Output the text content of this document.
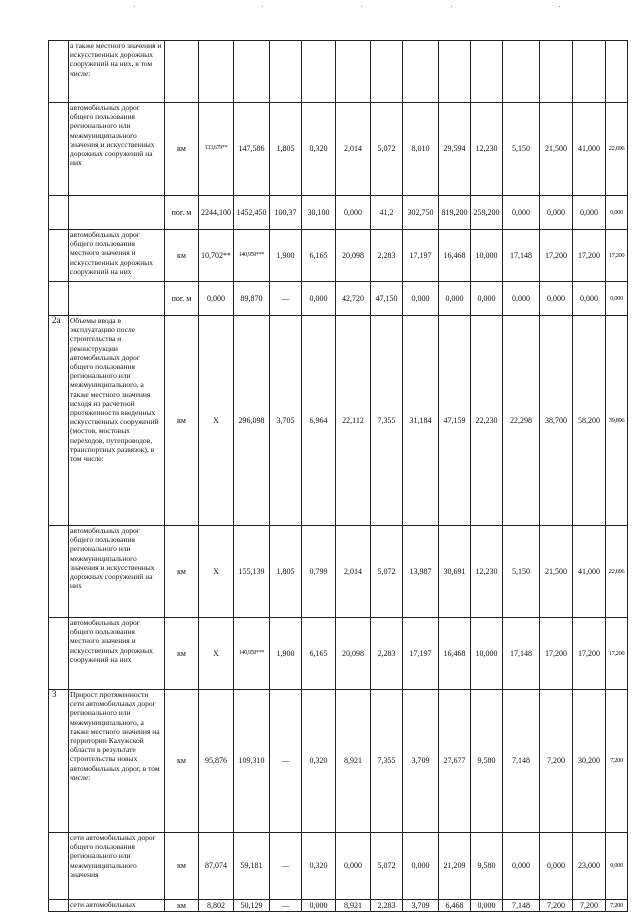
	а также местного значения и искусственных дорожных сооружений на них, в том числе:														
	автомобильных дорог общего пользования регионального или межмуниципального значения и искусственных дорожных сооружений на них	км	133,679**	147,586	1,805	0,320	2,014	5,072	8,010	29,594	12,230	5,150	21,500	41,000	22,696
		пог. м	2244,100	1452,450	100,37	30,100	0,000	41,2	302,750	819,200	259,200	0,000	0,000	0,000	0,000
	автомобильных дорог общего пользования местного значения и искусственных дорожных сооружений на них	км	10,702**	140,959***	1,900	6,165	20,098	2,283	17,197	16,468	10,000	17,148	17,200	17,200	17,200
		пог. м	0,000	89,870	—	0,000	42,720	47,150	0,000	0,000	0,000	0,000	0,000	0,000	0,000
2а	Объемы ввода в эксплуатацию после строительства и реконструкции автомобильных дорог общего пользования регионального или межмуниципального, а также местного значения исходя из расчетной протяженности введенных искусственных сооружений (мостов, мостовых переходов, путепроводов, транспортных развязок), в том числе:	км	Х	296,098	3,705	6,964	22,112	7,355	31,184	47,159	22,230	22,298	38,700	58,200	39,896
	автомобильных дорог общего пользования регионального или межмуниципального значения и искусственных дорожных сооружений на них	км	Х	155,139	1,805	0,799	2,014	5,072	13,987	30,691	12,230	5,150	21,500	41,000	22,696
	автомобильных дорог общего пользования местного значения и искусственных дорожных сооружений на них	км	Х	140,959***	1,900	6,165	20,098	2,283	17,197	16,468	10,000	17,148	17,200	17,200	17,200
3	Прирост протяженности сети автомобильных дорог регионального или межмуниципального, а также местного значения на территории Калужской области в результате строительства новых автомобильных дорог, в том числе:	км	95,876	109,310	—	0,320	8,921	7,355	3,709	27,677	9,580	7,148	7,200	30,200	7,200
	сети автомобильных дорог общего пользования регионального или межмуниципального значения	км	87,074	59,181	—	0,320	0,000	5,072	0,000	21,209	9,580	0,000	0,000	23,000	0,000
	сети автомобильных	км	8,802	50,129	—	0,000	8,921	2,283	3,709	6,468	0,000	7,148	7,200	7,200	7,200
